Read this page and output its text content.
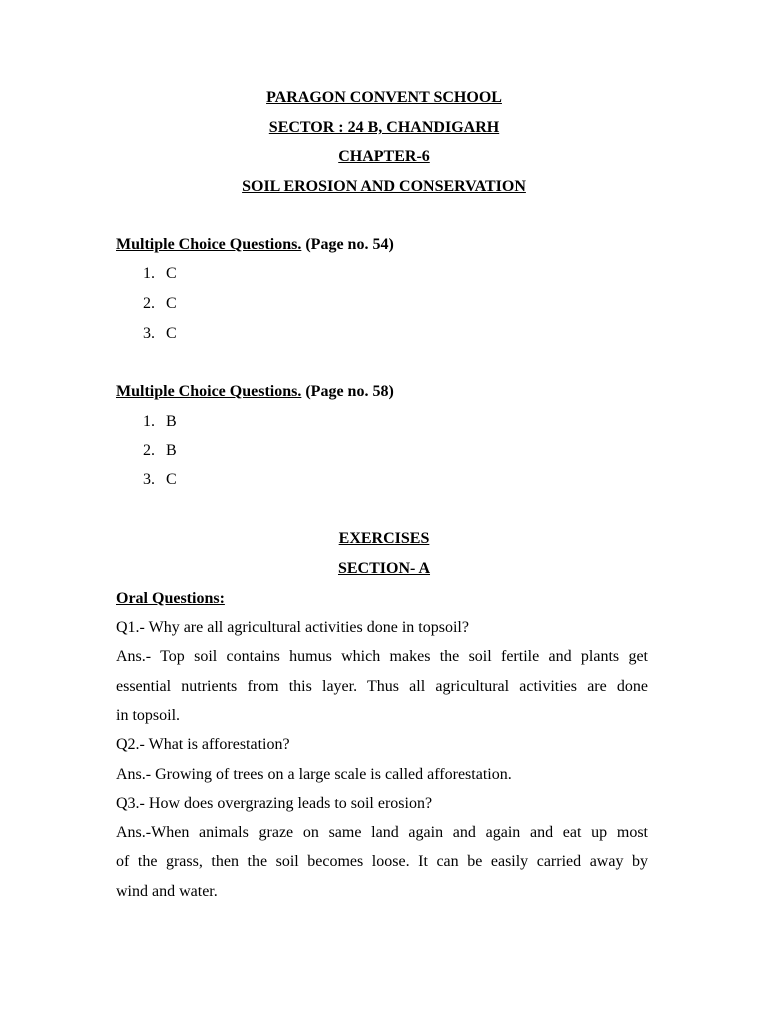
PARAGON CONVENT SCHOOL
SECTOR : 24 B, CHANDIGARH
CHAPTER-6
SOIL EROSION AND CONSERVATION
Multiple Choice Questions. (Page no. 54)
1. C
2. C
3. C
Multiple Choice Questions. (Page no. 58)
1. B
2. B
3. C
EXERCISES
SECTION- A
Oral Questions:
Q1.- Why are all agricultural activities done in topsoil?
Ans.- Top soil contains humus which makes the soil fertile and plants get
essential nutrients from this layer. Thus all agricultural activities are done
in topsoil.
Q2.- What is afforestation?
Ans.- Growing of trees on a large scale is called afforestation.
Q3.- How does overgrazing leads to soil erosion?
Ans.-When animals graze on same land again and again and eat up most
of the grass, then the soil becomes loose. It can be easily carried away by
wind and water.
